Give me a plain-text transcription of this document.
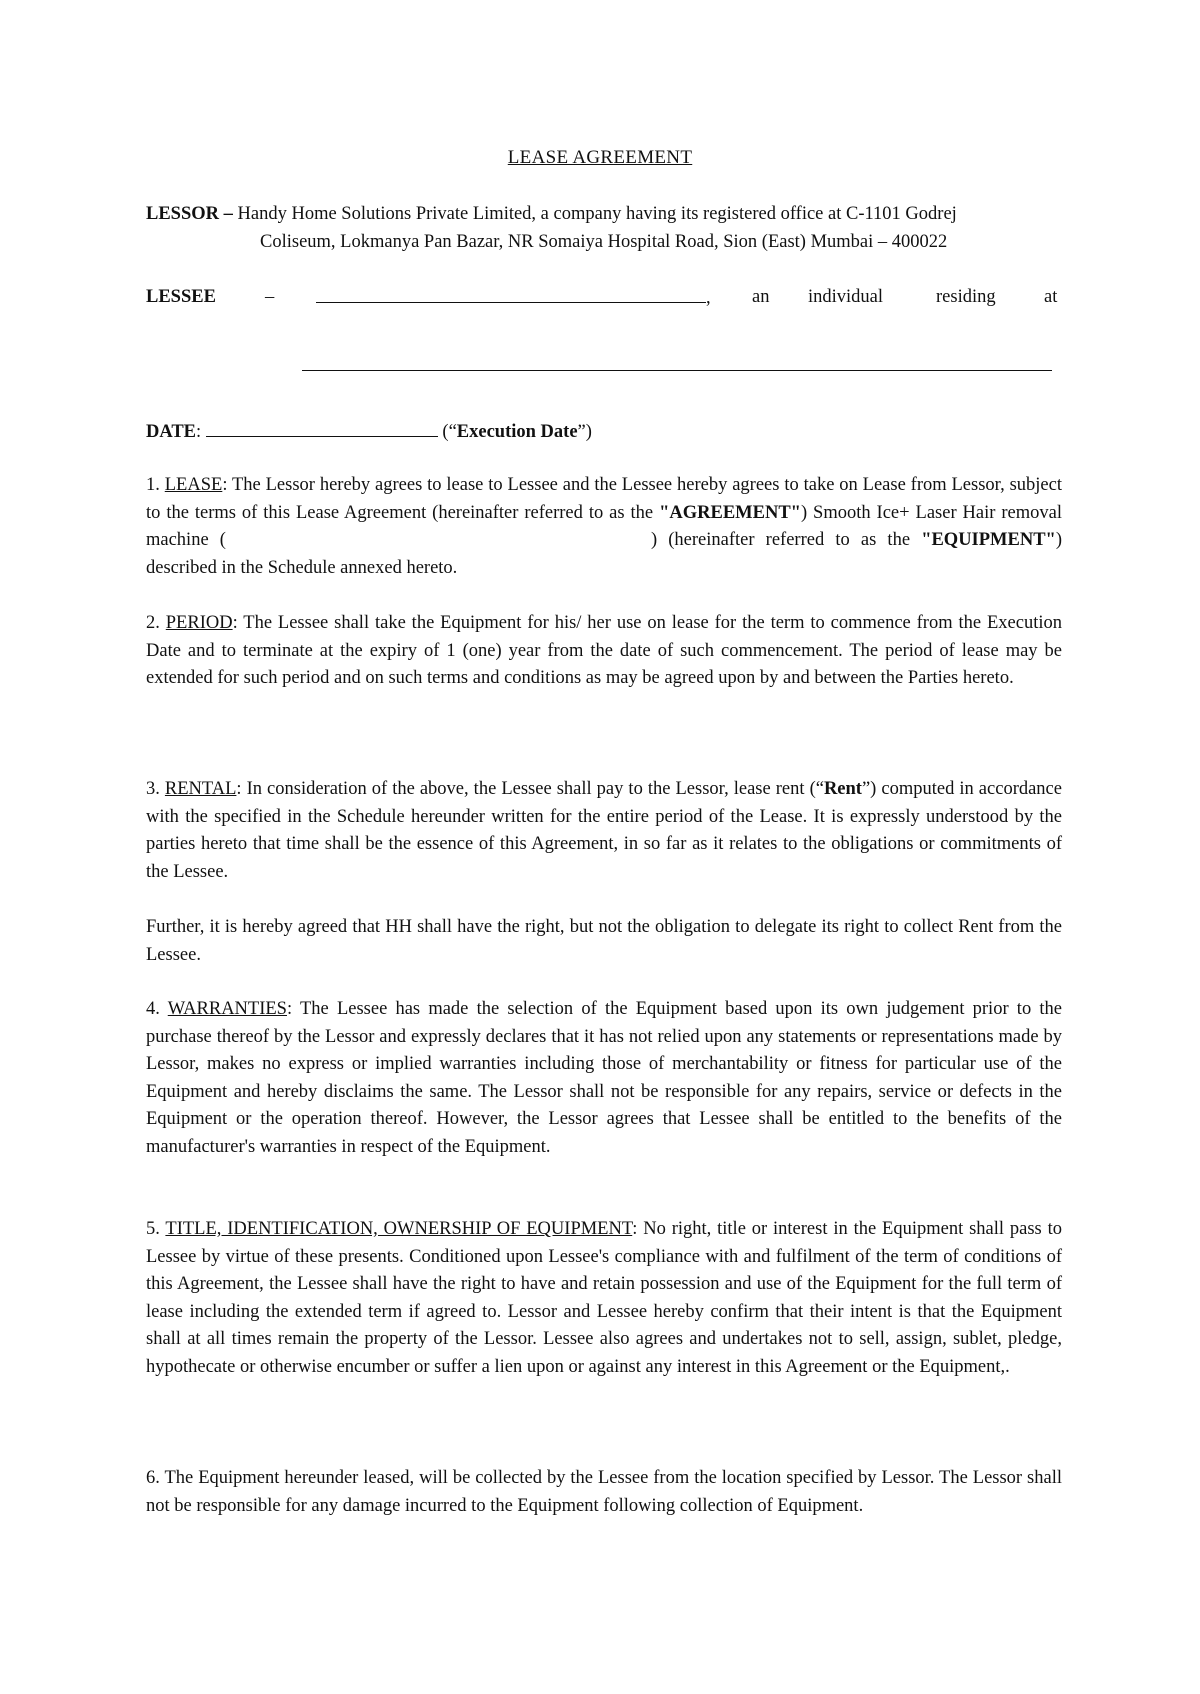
LEASE AGREEMENT
LESSOR – Handy Home Solutions Private Limited, a company having its registered office at C-1101 Godrej
Coliseum, Lokmanya Pan Bazar, NR Somaiya Hospital Road, Sion (East) Mumbai – 400022
LESSEE	–	, an individual	residing	at
DATE:	(“Execution Date”)

1. LEASE: The Lessor hereby agrees to lease to Lessee and the Lessee hereby agrees to take on Lease from Lessor, subject to the terms of this Lease Agreement (hereinafter referred to as the "AGREEMENT") Smooth Ice+ Laser Hair removal machine (	) (hereinafter referred to as the "EQUIPMENT") described in the Schedule annexed hereto.

2. PERIOD: The Lessee shall take the Equipment for his/ her use on lease for the term to commence from the Execution Date and to terminate at the expiry of 1 (one) year from the date of such commencement. The period of lease may be extended for such period and on such terms and conditions as may be agreed upon by and between the Parties hereto.

3. RENTAL: In consideration of the above, the Lessee shall pay to the Lessor, lease rent (“Rent”) computed in accordance with the specified in the Schedule hereunder written for the entire period of the Lease. It is expressly understood by the parties hereto that time shall be the essence of this Agreement, in so far as it relates to the obligations or commitments of the Lessee.

Further, it is hereby agreed that HH shall have the right, but not the obligation to delegate its right to collect Rent from the Lessee.

4. WARRANTIES: The Lessee has made the selection of the Equipment based upon its own judgement prior to the purchase thereof by the Lessor and expressly declares that it has not relied upon any statements or representations made by Lessor, makes no express or implied warranties including those of merchantability or fitness for particular use of the Equipment and hereby disclaims the same. The Lessor shall not be responsible for any repairs, service or defects in the Equipment or the operation thereof. However, the Lessor agrees that Lessee shall be entitled to the benefits of the manufacturer's warranties in respect of the Equipment.

5. TITLE, IDENTIFICATION, OWNERSHIP OF EQUIPMENT: No right, title or interest in the Equipment shall pass to Lessee by virtue of these presents. Conditioned upon Lessee's compliance with and fulfilment of the term of conditions of this Agreement, the Lessee shall have the right to have and retain possession and use of the Equipment for the full term of lease including the extended term if agreed to. Lessor and Lessee hereby confirm that their intent is that the Equipment shall at all times remain the property of the Lessor. Lessee also agrees and undertakes not to sell, assign, sublet, pledge, hypothecate or otherwise encumber or suffer a lien upon or against any interest in this Agreement or the Equipment,.

6. The Equipment hereunder leased, will be collected by the Lessee from the location specified by Lessor. The Lessor shall not be responsible for any damage incurred to the Equipment following collection of Equipment.
